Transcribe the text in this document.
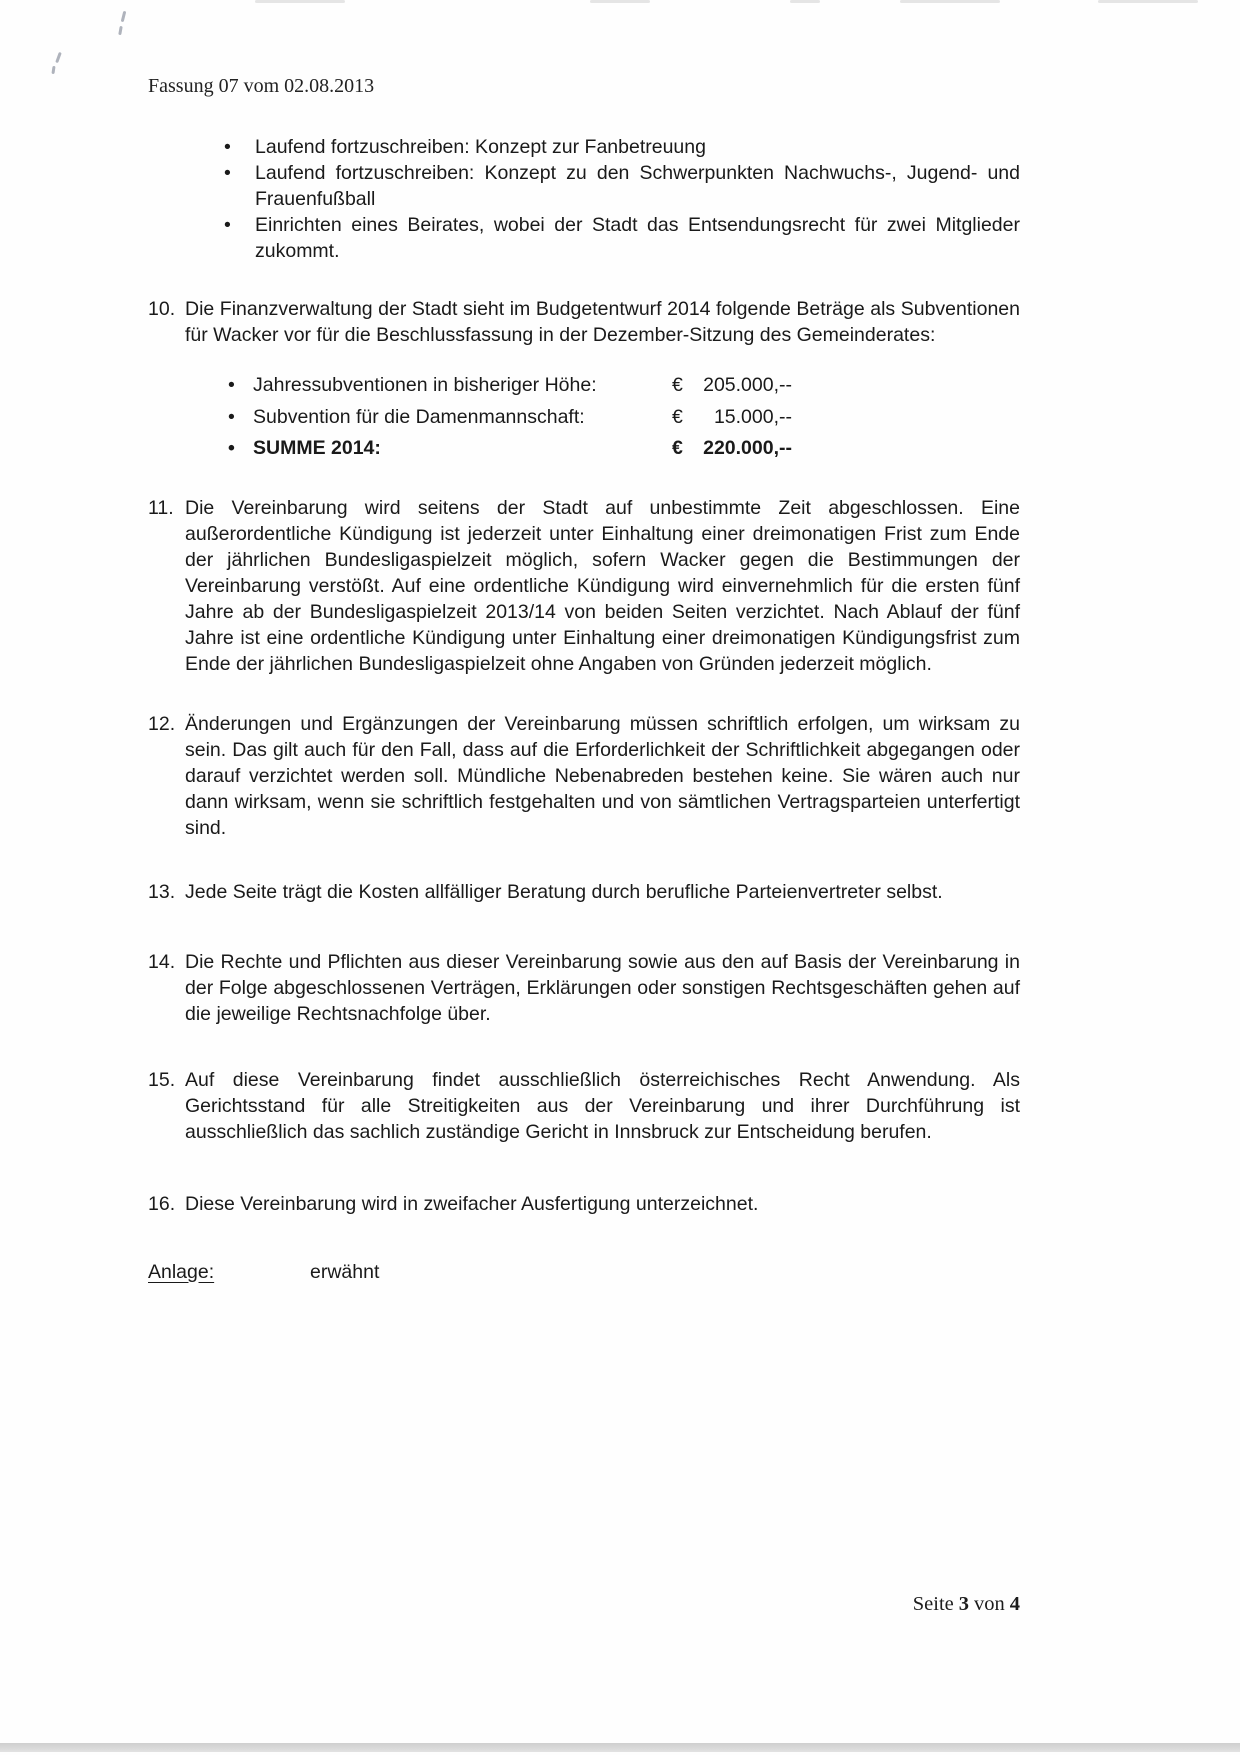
Fassung 07 vom 02.08.2013
• Laufend fortzuschreiben: Konzept zur Fanbetreuung
• Laufend fortzuschreiben: Konzept zu den Schwerpunkten Nachwuchs-, Jugend- und Frauenfußball
• Einrichten eines Beirates, wobei der Stadt das Entsendungsrecht für zwei Mitglieder zukommt.
10. Die Finanzverwaltung der Stadt sieht im Budgetentwurf 2014 folgende Beträge als Subventionen für Wacker vor für die Beschlussfassung in der Dezember-Sitzung des Gemeinderates:
• Jahressubventionen in bisheriger Höhe:	€	205.000,--
• Subvention für die Damenmannschaft:	€	15.000,--
• SUMME 2014:	€	220.000,--
11. Die Vereinbarung wird seitens der Stadt auf unbestimmte Zeit abgeschlossen. Eine außerordentliche Kündigung ist jederzeit unter Einhaltung einer dreimonatigen Frist zum Ende der jährlichen Bundesligaspielzeit möglich, sofern Wacker gegen die Bestimmungen der Vereinbarung verstößt. Auf eine ordentliche Kündigung wird einvernehmlich für die ersten fünf Jahre ab der Bundesligaspielzeit 2013/14 von beiden Seiten verzichtet. Nach Ablauf der fünf Jahre ist eine ordentliche Kündigung unter Einhaltung einer dreimonatigen Kündigungsfrist zum Ende der jährlichen Bundesligaspielzeit ohne Angaben von Gründen jederzeit möglich.
12. Änderungen und Ergänzungen der Vereinbarung müssen schriftlich erfolgen, um wirksam zu sein. Das gilt auch für den Fall, dass auf die Erforderlichkeit der Schriftlichkeit abgegangen oder darauf verzichtet werden soll. Mündliche Nebenabreden bestehen keine. Sie wären auch nur dann wirksam, wenn sie schriftlich festgehalten und von sämtlichen Vertragsparteien unterfertigt sind.
13. Jede Seite trägt die Kosten allfälliger Beratung durch berufliche Parteienvertreter selbst.
14. Die Rechte und Pflichten aus dieser Vereinbarung sowie aus den auf Basis der Vereinbarung in der Folge abgeschlossenen Verträgen, Erklärungen oder sonstigen Rechtsgeschäften gehen auf die jeweilige Rechtsnachfolge über.
15. Auf diese Vereinbarung findet ausschließlich österreichisches Recht Anwendung. Als Gerichtsstand für alle Streitigkeiten aus der Vereinbarung und ihrer Durchführung ist ausschließlich das sachlich zuständige Gericht in Innsbruck zur Entscheidung berufen.
16. Diese Vereinbarung wird in zweifacher Ausfertigung unterzeichnet.
Anlage:	erwähnt
Seite 3 von 4
